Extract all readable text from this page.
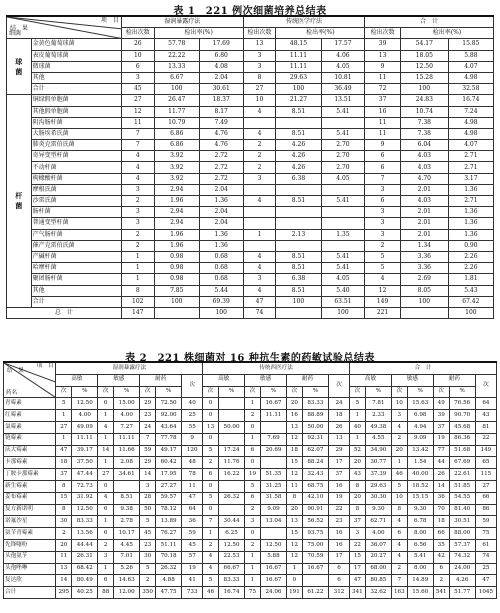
表 1　221 例次细菌培养总结表
项　目
结　果
细菌		湿润暴露疗法			传统医学疗法			合　计		
		检出次数	检出率(%)		检出次数	检出率(%)		检出次数	检出率(%)	
球
菌	金黄色葡萄球菌	26	57.78	17.69	13	48.15	17.57	39	54.17	15.85
	表皮葡萄球菌	10	22.22	6.80	3	11.11	4.06	13	18.05	5.88
	微球菌	6	13.33	4.08	3	11.11	4.05	9	12.50	4.07
	其他	3	6.67	2.04	8	29.63	10.81	11	15.28	4.98
	合计	45	100	30.61	27	100	36.49	72	100	32.58
杆
菌	铜绿假单胞菌	27	26.47	18.37	10	21.27	13.51	37	24.83	16.74
	其他假单胞菌	12	11.77	8.17	4	8.51	5.41	16	10.74	7.24
	阴沟肠杆菌	11	10.79	7.49				11	7.38	4.98
	大肠埃希氏菌	7	6.86	4.76	4	8.51	5.41	11	7.38	4.98
	肺炎克雷伯氏菌	7	6.86	4.76	2	4.26	2.70	9	6.04	4.07
	奇异变型杆菌	4	3.92	2.72	2	4.26	2.70	6	4.03	2.71
	不动杆菌	4	3.92	2.72	2	4.26	2.70	6	4.03	2.71
	枸橼酸杆菌	4	3.92	2.72	3	6.38	4.05	7	4.70	3.17
	摩根氏菌	3	2.94	2.04				3	2.01	1.36
	沙雷氏菌	2	1.96	1.36	4	8.51	5.41	6	4.03	2.71
	肠杆菌	3	2.94	2.04				3	2.01	1.36
	普通变型杆菌	3	2.94	2.04				3	2.01	1.36
	产气肠杆菌	2	1.96	1.36	1	2.13	1.35	3	2.01	1.36
	催产克雷伯氏菌	2	1.96	1.36				2	1.34	0.90
	产碱杆菌	1	0.98	0.68	4	8.51	5.41	5	3.36	2.26
	哈摩杆菌	1	0.98	0.68	4	8.51	5.41	5	3.36	2.26
	聚团肠杆菌	1	0.98	0.68	3	6.38	4.05	4	2.69	1.81
	其他	8	7.85	5.44	4	8.51	5.40	12	8.05	5.43
	合计	102	100	69.39	47	100	63.51	149	100	67.42
总　计		147		100	74		100	221		100
表 2　221 株细菌对 16 种抗生素的药敏试验总结表
项　目
结　果
药名	湿润暴露疗法							传统西医疗法							合　计						
	高敏		敏感		耐药		次	高敏		敏感		耐药		次	高敏		敏感		耐药		次
	次	%	次	%	次	%		次	%	次	%	次	%		次	%	次	%	次	%	
青霉素	5	12.50	6	15.00	29	72.50	40	0		1	16.67	20	83.33	24	5	7.81	10	15.63	49	76.56	64
红霉素	1	4.00	1	4.00	23	92.00	25	0		2	11.11	16	88.89	18	1	2.33	3	6.98	39	90.70	43
氯霉素	27	49.09	4	7.27	24	43.64	55	13	50.00	0		13	50.00	26	40	49.38	4	4.94	37	45.68	81
链霉素	1	11.11	1	11.11	7	77.78	9	0		1	7.69	12	92.31	13	1	4.55	2	9.09	19	86.36	22
庆大霉素	47	39.17	14	11.66	59	49.17	120	5	17.24	6	20.69	18	62.07	29	52	34.90	20	13.42	77	51.68	149
卡那霉素	18	37.50	1	2.08	29	60.42	48	2	11.76	0		15	88.24	17	20	30.77	1	1.54	44	67.69	65
丁胺卡那霉素	37	47.44	27	34.61	14	17.95	78	6	16.22	19	51.35	12	32.43	37	43	37.39	46	40.00	26	22.61	115
新生霉素	8	72.73	0		3	27.27	11	0		5	31.25	11	68.75	16	8	29.63	5	18.52	14	51.85	27
妥布霉素	15	31.92	4	8.51	28	59.57	47	5	26.32	6	31.58	8	42.10	19	20	30.30	10	15.15	36	54.55	66
复方新诺明	8	12.50	6	9.38	50	78.12	64	0		2	9.09	20	90.91	22	8	9.30	8	9.30	70	81.40	86
诺氟沙星	30	83.33	1	2.78	5	13.89	36	7	30.44	3	13.04	13	56.52	23	37	62.71	4	6.78	18	30.51	59
氨苄青霉素	2	13.56	6	10.17	45	76.27	59	1	6.25	0		15	93.75	16	3	4.00	6	8.00	66	88.00	75
先锋噻吩	20	44.44	2	4.45	23	51.11	45	2	12.50	2	12.50	12	75.00	16	22	36.07	4	6.56	35	57.37	61
头孢氨苄	11	26.31	3	7.01	30	70.18	57	4	22.53	1	5.88	12	70.59	17	15	20.27	4	5.41	42	74.32	74
头孢唑啉	13	68.42	1	5.26	5	26.32	19	4	66.67	1	16.67	1	16.67	6	17	68.00	2	8.00	6	24.00	25
复达欣	14	80.49	6	14.63	2	4.88	41	5	83.33	1	16.67	0		6	47	80.85	7	14.89	2	4.26	47
合计	295	40.25	88	12.00	350	47.75	733	46	16.74	75	24.06	191	61.22	312	341	32.62	163	15.60	541	51.77	1045
